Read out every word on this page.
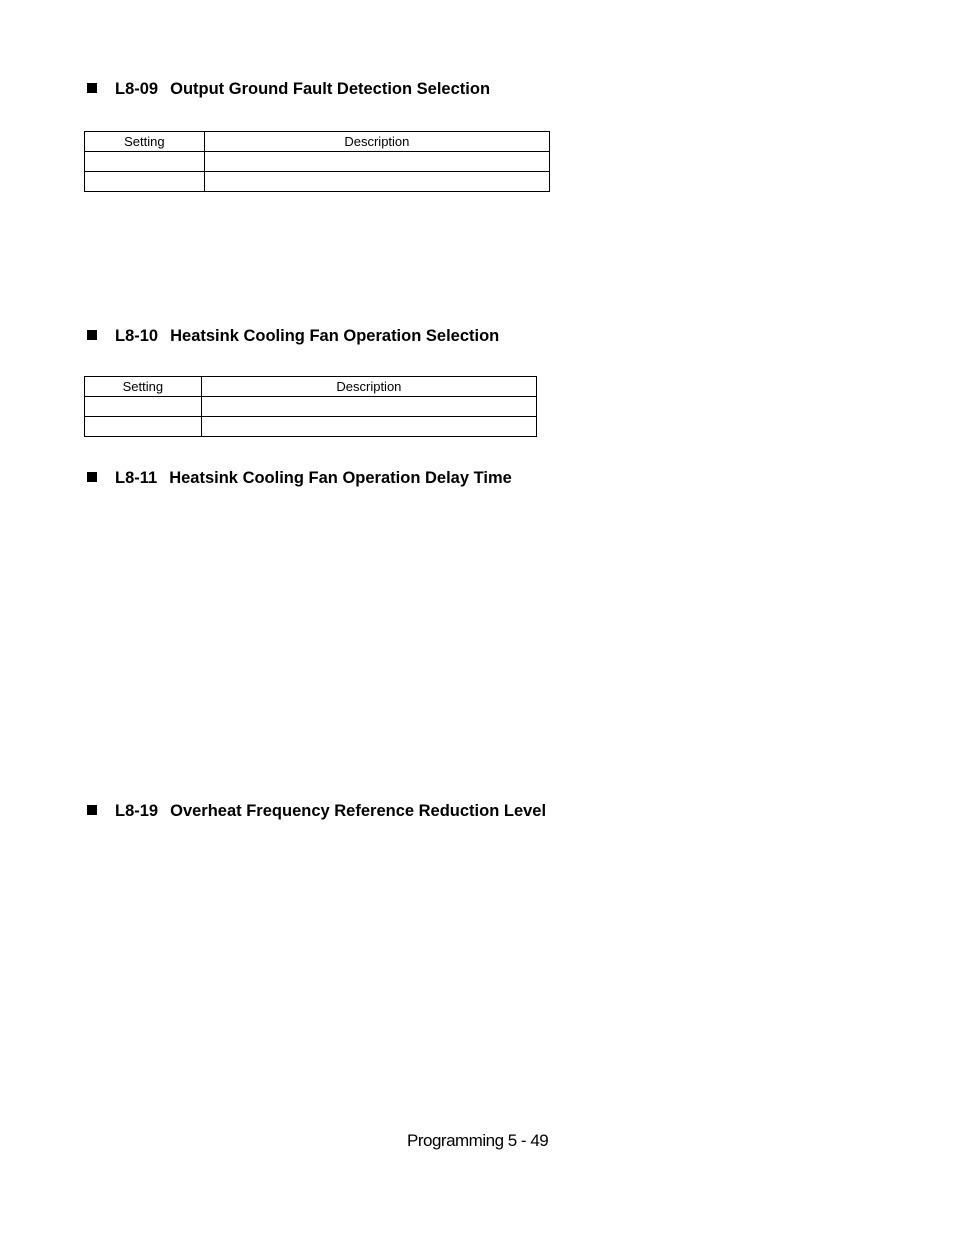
L8-09 Output Ground Fault Detection Selection
Setting	Description

L8-10 Heatsink Cooling Fan Operation Selection
Setting	Description

L8-11 Heatsink Cooling Fan Operation Delay Time
L8-19 Overheat Frequency Reference Reduction Level
Programming 5 - 49
